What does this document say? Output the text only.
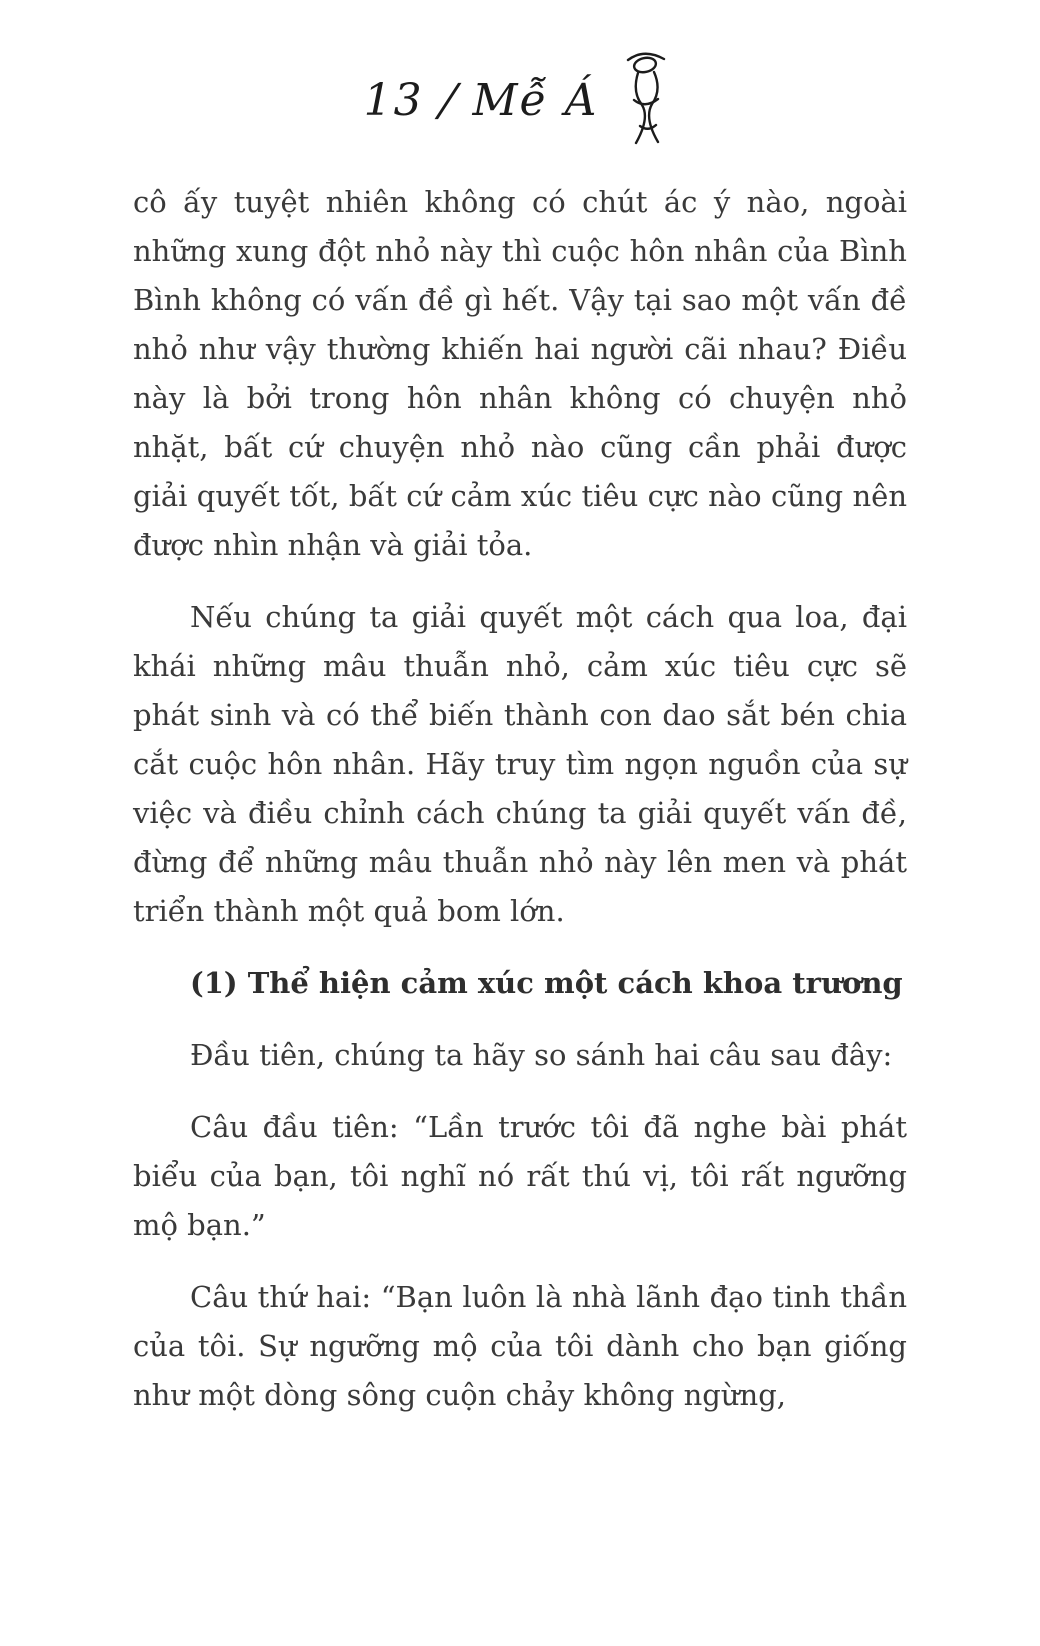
13 / Mễ Á

cô ấy tuyệt nhiên không có chút ác ý nào, ngoài những xung đột nhỏ này thì cuộc hôn nhân của Bình Bình không có vấn đề gì hết. Vậy tại sao một vấn đề nhỏ như vậy thường khiến hai người cãi nhau? Điều này là bởi trong hôn nhân không có chuyện nhỏ nhặt, bất cứ chuyện nhỏ nào cũng cần phải được giải quyết tốt, bất cứ cảm xúc tiêu cực nào cũng nên được nhìn nhận và giải tỏa.

Nếu chúng ta giải quyết một cách qua loa, đại khái những mâu thuẫn nhỏ, cảm xúc tiêu cực sẽ phát sinh và có thể biến thành con dao sắt bén chia cắt cuộc hôn nhân. Hãy truy tìm ngọn nguồn của sự việc và điều chỉnh cách chúng ta giải quyết vấn đề, đừng để những mâu thuẫn nhỏ này lên men và phát triển thành một quả bom lớn.

(1) Thể hiện cảm xúc một cách khoa trương

Đầu tiên, chúng ta hãy so sánh hai câu sau đây:

Câu đầu tiên: “Lần trước tôi đã nghe bài phát biểu của bạn, tôi nghĩ nó rất thú vị, tôi rất ngưỡng mộ bạn.”

Câu thứ hai: “Bạn luôn là nhà lãnh đạo tinh thần của tôi. Sự ngưỡng mộ của tôi dành cho bạn giống như một dòng sông cuộn chảy không ngừng,
